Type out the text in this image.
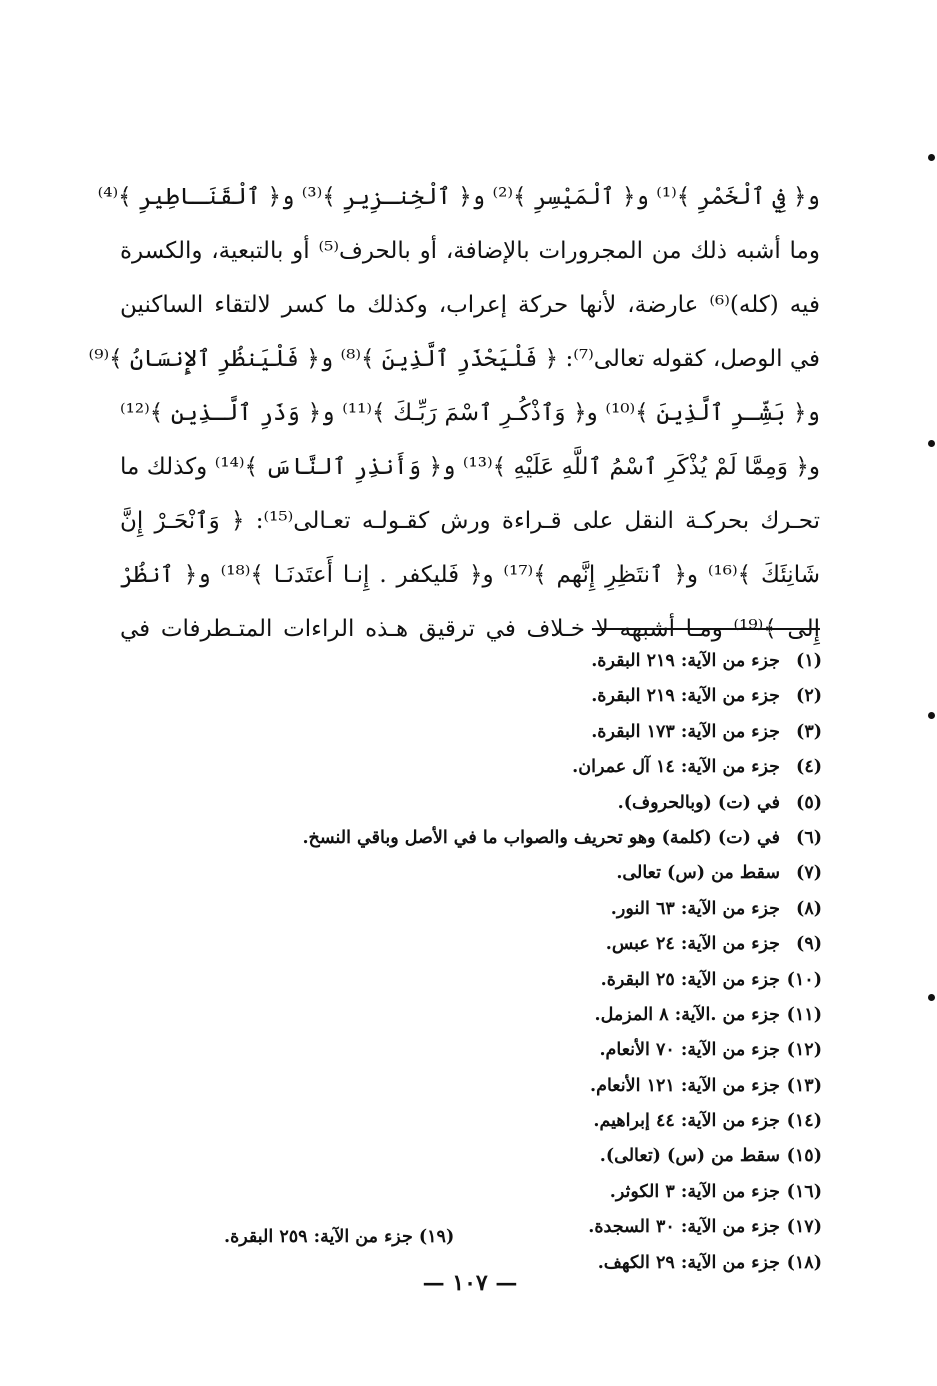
و﴿ فِي ٱلْخَمْرِ ﴾⁽¹⁾ و﴿ ٱلْمَيْسِرِ ﴾⁽²⁾ و﴿ ٱلْخِنـزِيرِ ﴾⁽³⁾ و﴿ ٱلْقَنَـاطِيرِ ﴾⁽⁴⁾
وما أشبه ذلك من المجرورات بالإضافة، أو بالحرف⁽⁵⁾ أو بالتبعية، والكسرة
فيه (كله)⁽⁶⁾ عارضة، لأنها حركة إعراب، وكذلك ما كسر لالتقاء الساكنين
في الوصل، كقوله تعالى⁽⁷⁾: ﴿ فَلْيَحْذَرِ ٱلَّذِينَ ﴾⁽⁸⁾ و﴿ فَلْيَنظُرِ ٱلإِنسَانُ ﴾⁽⁹⁾
و﴿ بَشِّـرِ ٱلَّذِينَ ﴾⁽¹⁰⁾ و﴿ وَٱذْكُـرِ ٱسْمَ رَبِّـكَ ﴾⁽¹¹⁾ و﴿ وَذَرِ ٱلَّـذِين ﴾⁽¹²⁾
و﴿ وَمِمَّا لَمْ يُذْكَرِ ٱسْمُ ٱللَّهِ عَلَيْهِ ﴾⁽¹³⁾ و﴿ وَأَنذِرِ ٱلنَّاسَ ﴾⁽¹⁴⁾ وكذلك ما
تحـرك بحركـة النقل على قـراءة ورش كقـولـه تعـالى⁽¹⁵⁾: ﴿ وَٱنْحَـرْ إِنَّ
شَانِئَكَ ﴾⁽¹⁶⁾ و﴿ ٱنتَظِرِ إِنَّهم ﴾⁽¹⁷⁾ و﴿ فَليكفر . إِنـا أَعتَدنَـا ﴾⁽¹⁸⁾ و﴿ ٱنظُرْ
إِلى ﴾⁽¹⁹⁾ ومـا أشبهه لا خـلاف في ترقيق هـذه الراءات المتـطرفات في
(١)جزء من الآية: ٢١٩ البقرة.
(٢)جزء من الآية: ٢١٩ البقرة.
(٣)جزء من الآية: ١٧٣ البقرة.
(٤)جزء من الآية: ١٤ آل عمران.
(٥)في (ت) (وبالحروف).
(٦)في (ت) (كلمة) وهو تحريف والصواب ما في الأصل وباقي النسخ.
(٧)سقط من (س) تعالى.
(٨)جزء من الآية: ٦٣ النور.
(٩)جزء من الآية: ٢٤ عبس.
(١٠)جزء من الآية: ٢٥ البقرة.
(١١)جزء من .الآية: ٨ المزمل.
(١٢)جزء من الآية: ٧٠ الأنعام.
(١٣)جزء من الآية: ١٢١ الأنعام.
(١٤)جزء من الآية: ٤٤ إبراهيم.
(١٥)سقط من (س) (تعالى).
(١٦)جزء من الآية: ٣ الكوثر.
(١٧)جزء من الآية: ٣٠ السجدة.
(١٨)جزء من الآية: ٢٩ الكهف.
(١٩) جزء من الآية: ٢٥٩ البقرة.
— ١٠٧ —
